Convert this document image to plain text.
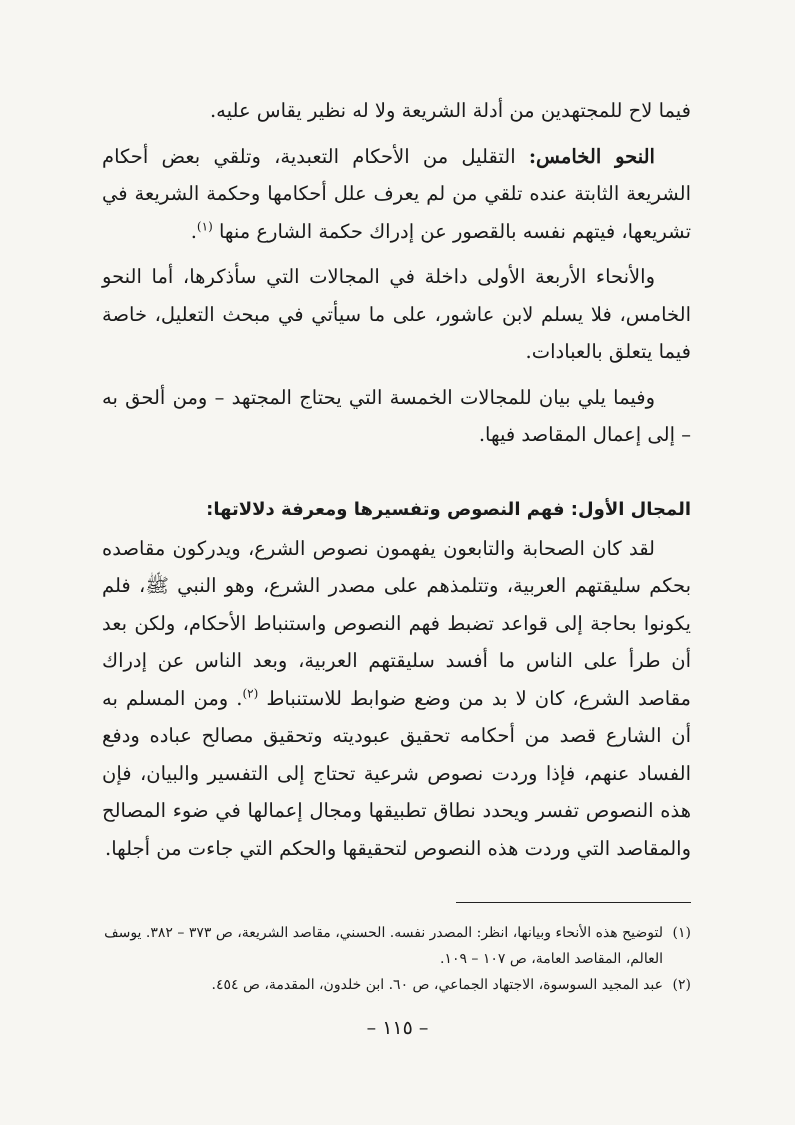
فيما لاح للمجتهدين من أدلة الشريعة ولا له نظير يقاس عليه.

النحو الخامس: التقليل من الأحكام التعبدية، وتلقي بعض أحكام الشريعة الثابتة عنده تلقي من لم يعرف علل أحكامها وحكمة الشريعة في تشريعها، فيتهم نفسه بالقصور عن إدراك حكمة الشارع منها $^{(١)}$.

والأنحاء الأربعة الأولى داخلة في المجالات التي سأذكرها، أما النحو الخامس، فلا يسلم لابن عاشور، على ما سيأتي في مبحث التعليل، خاصة فيما يتعلق بالعبادات.

وفيما يلي بيان للمجالات الخمسة التي يحتاج المجتهد – ومن ألحق به – إلى إعمال المقاصد فيها.

المجال الأول: فهم النصوص وتفسيرها ومعرفة دلالاتها:

لقد كان الصحابة والتابعون يفهمون نصوص الشرع، ويدركون مقاصده بحكم سليقتهم العربية، وتتلمذهم على مصدر الشرع، وهو النبي ﷺ، فلم يكونوا بحاجة إلى قواعد تضبط فهم النصوص واستنباط الأحكام، ولكن بعد أن طرأ على الناس ما أفسد سليقتهم العربية، وبعد الناس عن إدراك مقاصد الشرع، كان لا بد من وضع ضوابط للاستنباط $^{(٢)}$. ومن المسلم به أن الشارع قصد من أحكامه تحقيق عبوديته وتحقيق مصالح عباده ودفع الفساد عنهم، فإذا وردت نصوص شرعية تحتاج إلى التفسير والبيان، فإن هذه النصوص تفسر ويحدد نطاق تطبيقها ومجال إعمالها في ضوء المصالح والمقاصد التي وردت هذه النصوص لتحقيقها والحكم التي جاءت من أجلها.

(١)
لتوضيح هذه الأنحاء وبيانها، انظر: المصدر نفسه. الحسني، مقاصد الشريعة، ص ٣٧٣ – ٣٨٢. يوسف العالم، المقاصد العامة، ص ١٠٧ – ١٠٩.

(٢)
عبد المجيد السوسوة، الاجتهاد الجماعي، ص ٦٠. ابن خلدون، المقدمة، ص ٤٥٤.

– ١١٥ –
